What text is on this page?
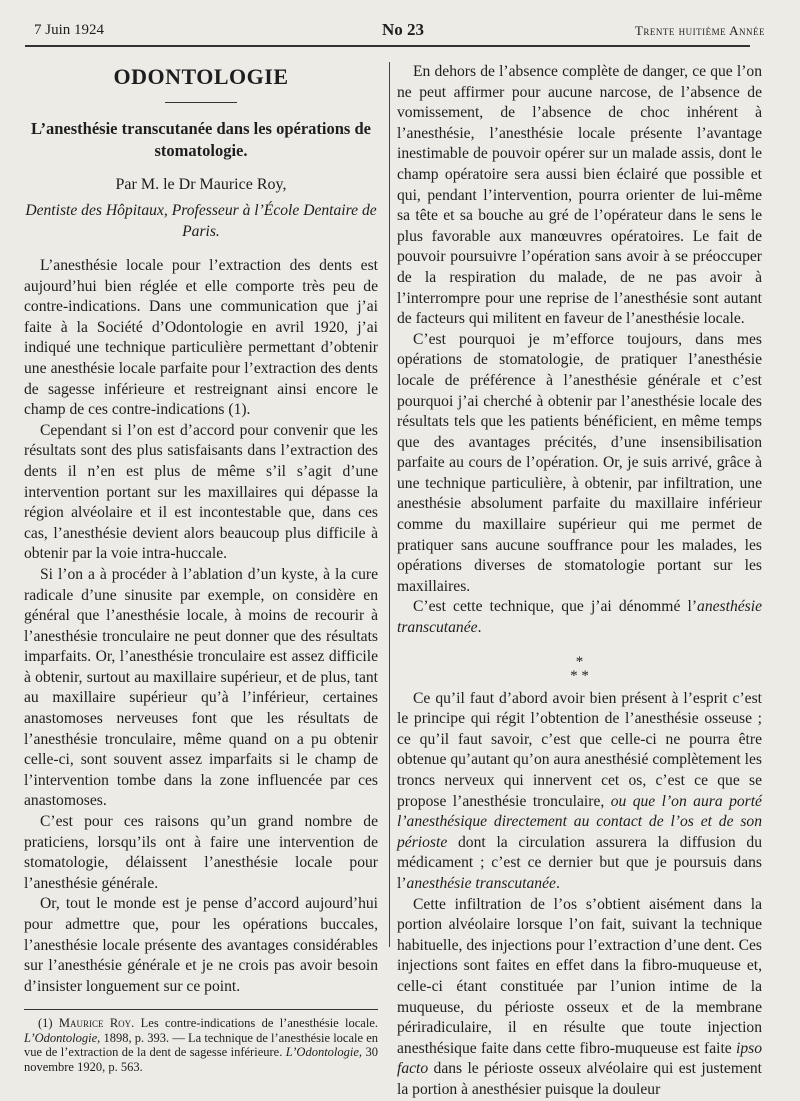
7 Juin 1924	No 23	Trente huitième Année
ODONTOLOGIE
L’anesthésie transcutanée dans les opérations de stomatologie.
Par M. le Dr Maurice Roy,
Dentiste des Hôpitaux, Professeur à l’École Dentaire de Paris.

L’anesthésie locale pour l’extraction des dents est aujourd’hui bien réglée et elle comporte très peu de contre-indications. Dans une communication que j’ai faite à la Société d’Odontologie en avril 1920, j’ai indiqué une technique particulière permettant d’obtenir une anesthésie locale parfaite pour l’extraction des dents de sagesse inférieure et restreignant ainsi encore le champ de ces contre-indications (1).

Cependant si l’on est d’accord pour convenir que les résultats sont des plus satisfaisants dans l’extraction des dents il n’en est plus de même s’il s’agit d’une intervention portant sur les maxillaires qui dépasse la région alvéolaire et il est incontestable que, dans ces cas, l’anesthésie devient alors beaucoup plus difficile à obtenir par la voie intra-huccale.

Si l’on a à procéder à l’ablation d’un kyste, à la cure radicale d’une sinusite par exemple, on considère en général que l’anesthésie locale, à moins de recourir à l’anesthésie tronculaire ne peut donner que des résultats imparfaits. Or, l’anesthésie tronculaire est assez difficile à obtenir, surtout au maxillaire supérieur, et de plus, tant au maxillaire supérieur qu’à l’inférieur, certaines anastomoses nerveuses font que les résultats de l’anesthésie tronculaire, même quand on a pu obtenir celle-ci, sont souvent assez imparfaits si le champ de l’intervention tombe dans la zone influencée par ces anastomoses.

C’est pour ces raisons qu’un grand nombre de praticiens, lorsqu’ils ont à faire une intervention de stomatologie, délaissent l’anesthésie locale pour l’anesthésie générale.

Or, tout le monde est je pense d’accord aujourd’hui pour admettre que, pour les opérations buccales, l’anesthésie locale présente des avantages considérables sur l’anesthésie générale et je ne crois pas avoir besoin d’insister longuement sur ce point.

(1) Maurice Roy. Les contre-indications de l’anesthésie locale. L’Odontologie, 1898, p. 393. — La technique de l’anesthésie locale en vue de l’extraction de la dent de sagesse inférieure. L’Odontologie, 30 novembre 1920, p. 563.

En dehors de l’absence complète de danger, ce que l’on ne peut affirmer pour aucune narcose, de l’absence de vomissement, de l’absence de choc inhérent à l’anesthésie, l’anesthésie locale présente l’avantage inestimable de pouvoir opérer sur un malade assis, dont le champ opératoire sera aussi bien éclairé que possible et qui, pendant l’intervention, pourra orienter de lui-même sa tête et sa bouche au gré de l’opérateur dans le sens le plus favorable aux manœuvres opératoires. Le fait de pouvoir poursuivre l’opération sans avoir à se préoccuper de la respiration du malade, de ne pas avoir à l’interrompre pour une reprise de l’anesthésie sont autant de facteurs qui militent en faveur de l’anesthésie locale.

C’est pourquoi je m’efforce toujours, dans mes opérations de stomatologie, de pratiquer l’anesthésie locale de préférence à l’anesthésie générale et c’est pourquoi j’ai cherché à obtenir par l’anesthésie locale des résultats tels que les patients bénéficient, en même temps que des avantages précités, d’une insensibilisation parfaite au cours de l’opération. Or, je suis arrivé, grâce à une technique particulière, à obtenir, par infiltration, une anesthésie absolument parfaite du maxillaire inférieur comme du maxillaire supérieur qui me permet de pratiquer sans aucune souffrance pour les malades, les opérations diverses de stomatologie portant sur les maxillaires.

C’est cette technique, que j’ai dénommé l’anesthésie transcutanée.

*
* *

Ce qu’il faut d’abord avoir bien présent à l’esprit c’est le principe qui régit l’obtention de l’anesthésie osseuse ; ce qu’il faut savoir, c’est que celle-ci ne pourra être obtenue qu’autant qu’on aura anesthésié complètement les troncs nerveux qui innervent cet os, c’est ce que se propose l’anesthésie tronculaire, ou que l’on aura porté l’anesthésique directement au contact de l’os et de son périoste dont la circulation assurera la diffusion du médicament ; c’est ce dernier but que je poursuis dans l’anesthésie transcutanée.

Cette infiltration de l’os s’obtient aisément dans la portion alvéolaire lorsque l’on fait, suivant la technique habituelle, des injections pour l’extraction d’une dent. Ces injections sont faites en effet dans la fibro-muqueuse et, celle-ci étant constituée par l’union intime de la muqueuse, du périoste osseux et de la membrane périradiculaire, il en résulte que toute injection anesthésique faite dans cette fibro-muqueuse est faite ipso facto dans le périoste osseux alvéolaire qui est justement la portion à anesthésier puisque la douleur
